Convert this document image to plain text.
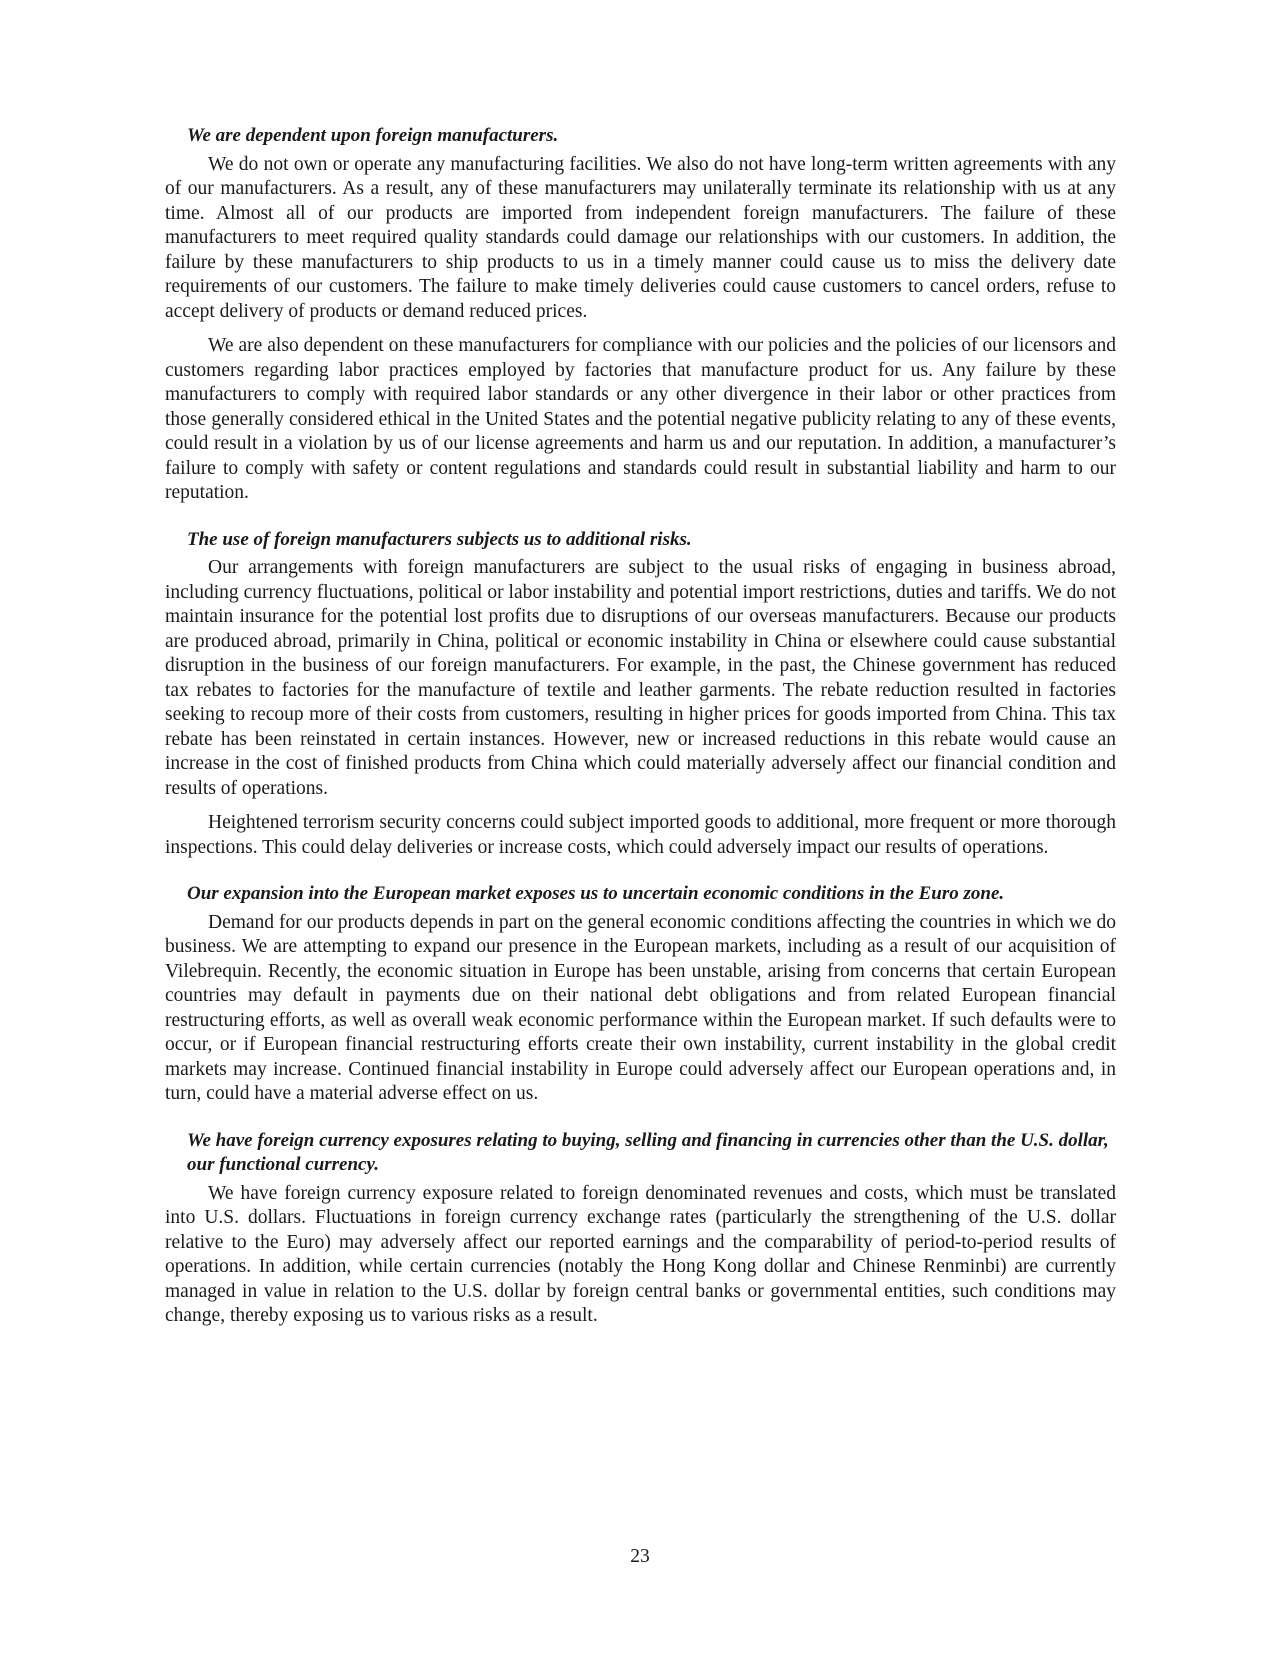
We are dependent upon foreign manufacturers.

We do not own or operate any manufacturing facilities. We also do not have long-term written agreements with any of our manufacturers. As a result, any of these manufacturers may unilaterally terminate its relationship with us at any time. Almost all of our products are imported from independent foreign manufacturers. The failure of these manufacturers to meet required quality standards could damage our relationships with our customers. In addition, the failure by these manufacturers to ship products to us in a timely manner could cause us to miss the delivery date requirements of our customers. The failure to make timely deliveries could cause customers to cancel orders, refuse to accept delivery of products or demand reduced prices.

We are also dependent on these manufacturers for compliance with our policies and the policies of our licensors and customers regarding labor practices employed by factories that manufacture product for us. Any failure by these manufacturers to comply with required labor standards or any other divergence in their labor or other practices from those generally considered ethical in the United States and the potential negative publicity relating to any of these events, could result in a violation by us of our license agreements and harm us and our reputation. In addition, a manufacturer’s failure to comply with safety or content regulations and standards could result in substantial liability and harm to our reputation.

The use of foreign manufacturers subjects us to additional risks.

Our arrangements with foreign manufacturers are subject to the usual risks of engaging in business abroad, including currency fluctuations, political or labor instability and potential import restrictions, duties and tariffs. We do not maintain insurance for the potential lost profits due to disruptions of our overseas manufacturers. Because our products are produced abroad, primarily in China, political or economic instability in China or elsewhere could cause substantial disruption in the business of our foreign manufacturers. For example, in the past, the Chinese government has reduced tax rebates to factories for the manufacture of textile and leather garments. The rebate reduction resulted in factories seeking to recoup more of their costs from customers, resulting in higher prices for goods imported from China. This tax rebate has been reinstated in certain instances. However, new or increased reductions in this rebate would cause an increase in the cost of finished products from China which could materially adversely affect our financial condition and results of operations.

Heightened terrorism security concerns could subject imported goods to additional, more frequent or more thorough inspections. This could delay deliveries or increase costs, which could adversely impact our results of operations.

Our expansion into the European market exposes us to uncertain economic conditions in the Euro zone.

Demand for our products depends in part on the general economic conditions affecting the countries in which we do business. We are attempting to expand our presence in the European markets, including as a result of our acquisition of Vilebrequin. Recently, the economic situation in Europe has been unstable, arising from concerns that certain European countries may default in payments due on their national debt obligations and from related European financial restructuring efforts, as well as overall weak economic performance within the European market. If such defaults were to occur, or if European financial restructuring efforts create their own instability, current instability in the global credit markets may increase. Continued financial instability in Europe could adversely affect our European operations and, in turn, could have a material adverse effect on us.

We have foreign currency exposures relating to buying, selling and financing in currencies other than the U.S. dollar, our functional currency.

We have foreign currency exposure related to foreign denominated revenues and costs, which must be translated into U.S. dollars. Fluctuations in foreign currency exchange rates (particularly the strengthening of the U.S. dollar relative to the Euro) may adversely affect our reported earnings and the comparability of period-to-period results of operations. In addition, while certain currencies (notably the Hong Kong dollar and Chinese Renminbi) are currently managed in value in relation to the U.S. dollar by foreign central banks or governmental entities, such conditions may change, thereby exposing us to various risks as a result.

23
